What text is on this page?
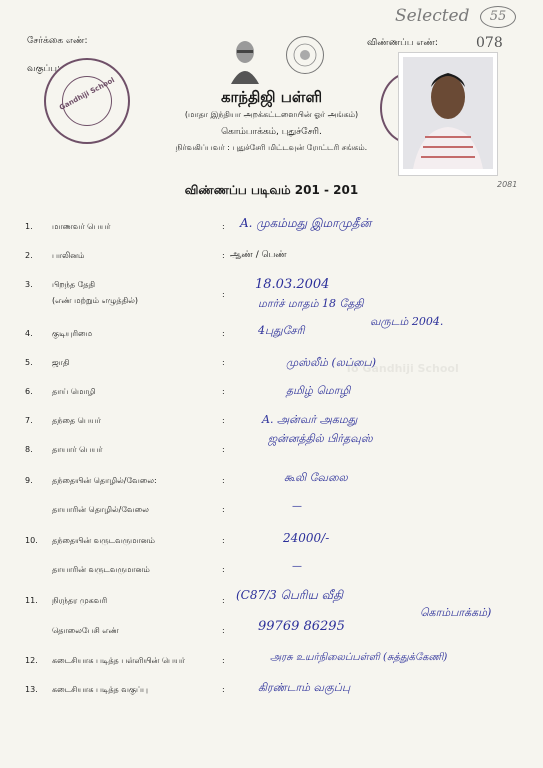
Selected	55
சேர்க்கை எண்:
வகுப்பு:
விண்ணப்ப எண்:	078
Gandhiji School	காந்திஜி பள்ளி
(மாதா இந்தியா அறக்கட்டளையின் ஓர் அங்கம்)
கொம்பாக்கம், புதுச்சேரி.
நிர்வகிப்பவர் : புதுச்சேரி மிட்டவுன் ரோட்டரி சங்கம்.
2081
விண்ணப்ப படிவம் 201 - 201
To Gandhiji School
1. மாணவர் பெயர்	: A. முகம்மது இமாமுதீன்
2. பாலினம்	: ஆண் / பெண்
3. பிறந்த தேதி
(எண் மற்றும் எழுத்தில்)
:
18.03.2004
மார்ச் மாதம் 18 தேதி
வருடம் 2004.
4. குடியுரிமை	:	4புதுசேரி
5. ஜாதி	:	முஸ்லீம் (லப்பை)
6. தாய் மொழி	:	தமிழ் மொழி
7. தந்தை பெயர்	:	A. அன்வர் அகமது
8. தாயார் பெயர்	:
ஜன்னத்தில் பிர்தவுஸ்
9. தந்தையின் தொழில்/வேலை:	:	கூலி வேலை
தாயாரின் தொழில்/வேலை	:	—
10. தந்தையின் வருடவருமானம்	:	24000/-
தாயாரின் வருடவருமானம்	:	—
11. நிரந்தர முகவரி	: (C87/3 பெரிய வீதி
கொம்பாக்கம்)
தொலைபேசி எண்	:	99769 86295
12. கடைசியாக படித்த பள்ளியின் பெயர்	:	அரசு உயர்நிலைப்பள்ளி (சுத்துக்கேணி)
13. கடைசியாக படித்த வகுப்பு	:	கிரண்டாம் வகுப்பு
